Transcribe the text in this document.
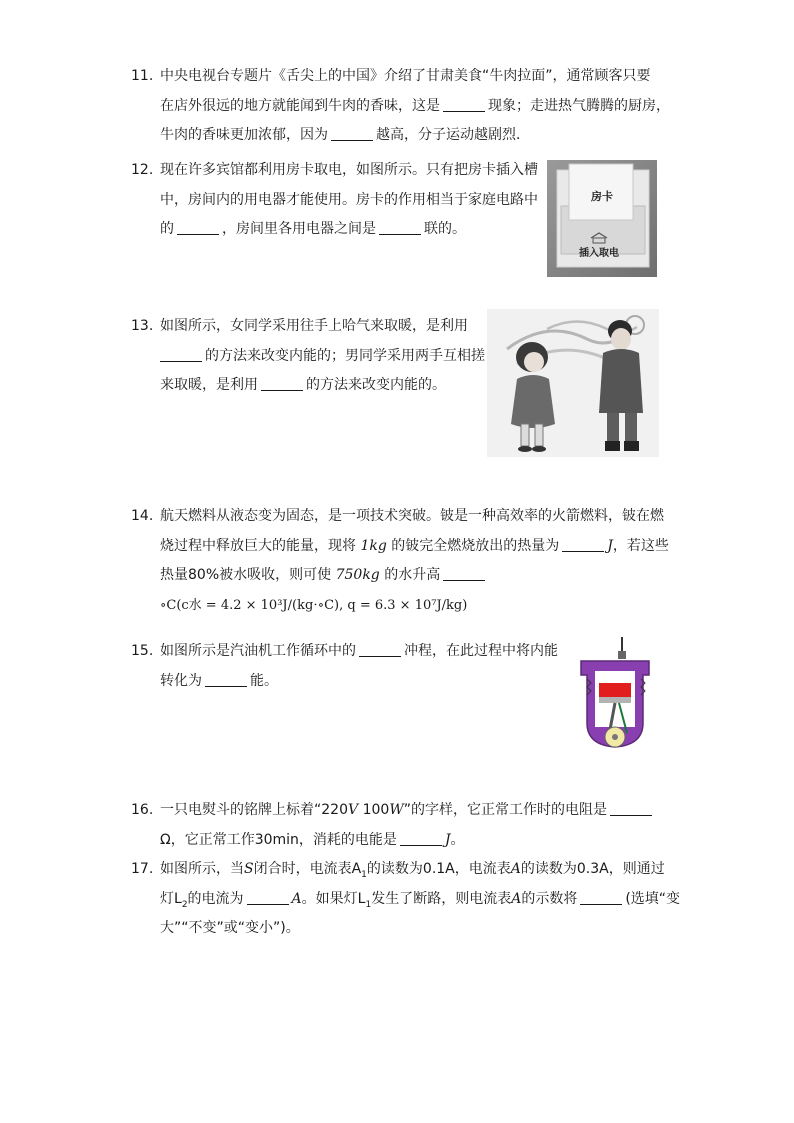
11. 中央电视台专题片《舌尖上的中国》介绍了甘肃美食“牛肉拉面”，通常顾客只要
在店外很远的地方就能闻到牛肉的香味，这是	现象；走进热气腾腾的厨房，
牛肉的香味更加浓郁，因为	越高，分子运动越剧烈．
12. 现在许多宾馆都利用房卡取电，如图所示。只有把房卡插入槽
中，房间内的用电器才能使用。房卡的作用相当于家庭电路中
的	，房间里各用电器之间是	联的。
房卡
插入取电
13. 如图所示，女同学采用往手上哈气来取暖，是利用
的方法来改变内能的；男同学采用两手互相搓
来取暖，是利用	的方法来改变内能的。
14. 航天燃料从液态变为固态，是一项技术突破。铍是一种高效率的火箭燃料，铍在燃
烧过程中释放巨大的能量，现将 1kg 的铍完全燃烧放出的热量为	J，若这些
热量80%被水吸收，则可使 750kg 的水升高
∘C(c水 = 4.2 × 10³J/(kg⋅∘C), q = 6.3 × 10⁷J/kg)
15. 如图所示是汽油机工作循环中的	冲程，在此过程中将内能
转化为	能。
16. 一只电熨斗的铭牌上标着“220V 100W”的字样，它正常工作时的电阻是
Ω，它正常工作30min，消耗的电能是	J。
17. 如图所示，当S闭合时，电流表$A_1$的读数为0.1A，电流表A的读数为0.3A，则通过
灯$L_2$的电流为	A。如果灯$L_1$发生了断路，则电流表A的示数将	(选填“变
大”“不变”或“变小”)。
